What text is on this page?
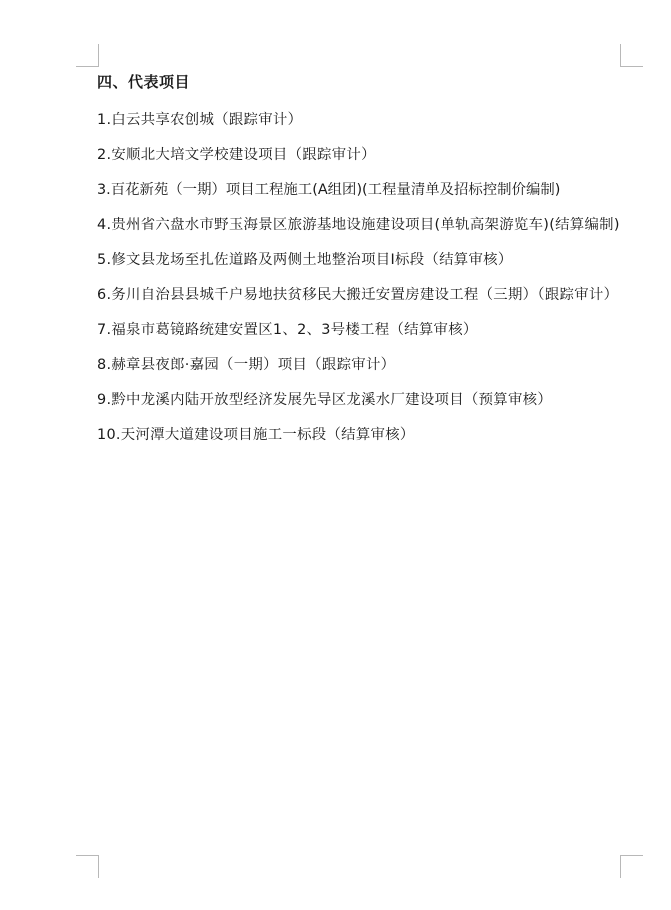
四、代表项目

1.白云共享农创城（跟踪审计）

2.安顺北大培文学校建设项目（跟踪审计）

3.百花新苑（一期）项目工程施工(A组团)(工程量清单及招标控制价编制)

4.贵州省六盘水市野玉海景区旅游基地设施建设项目(单轨高架游览车)(结算编制)

5.修文县龙场至扎佐道路及两侧土地整治项目Ⅰ标段（结算审核）

6.务川自治县县城千户易地扶贫移民大搬迁安置房建设工程（三期）（跟踪审计）

7.福泉市葛镜路统建安置区1、2、3号楼工程（结算审核）

8.赫章县夜郎·嘉园（一期）项目（跟踪审计）

9.黔中龙溪内陆开放型经济发展先导区龙溪水厂建设项目（预算审核）

10.天河潭大道建设项目施工一标段（结算审核）
